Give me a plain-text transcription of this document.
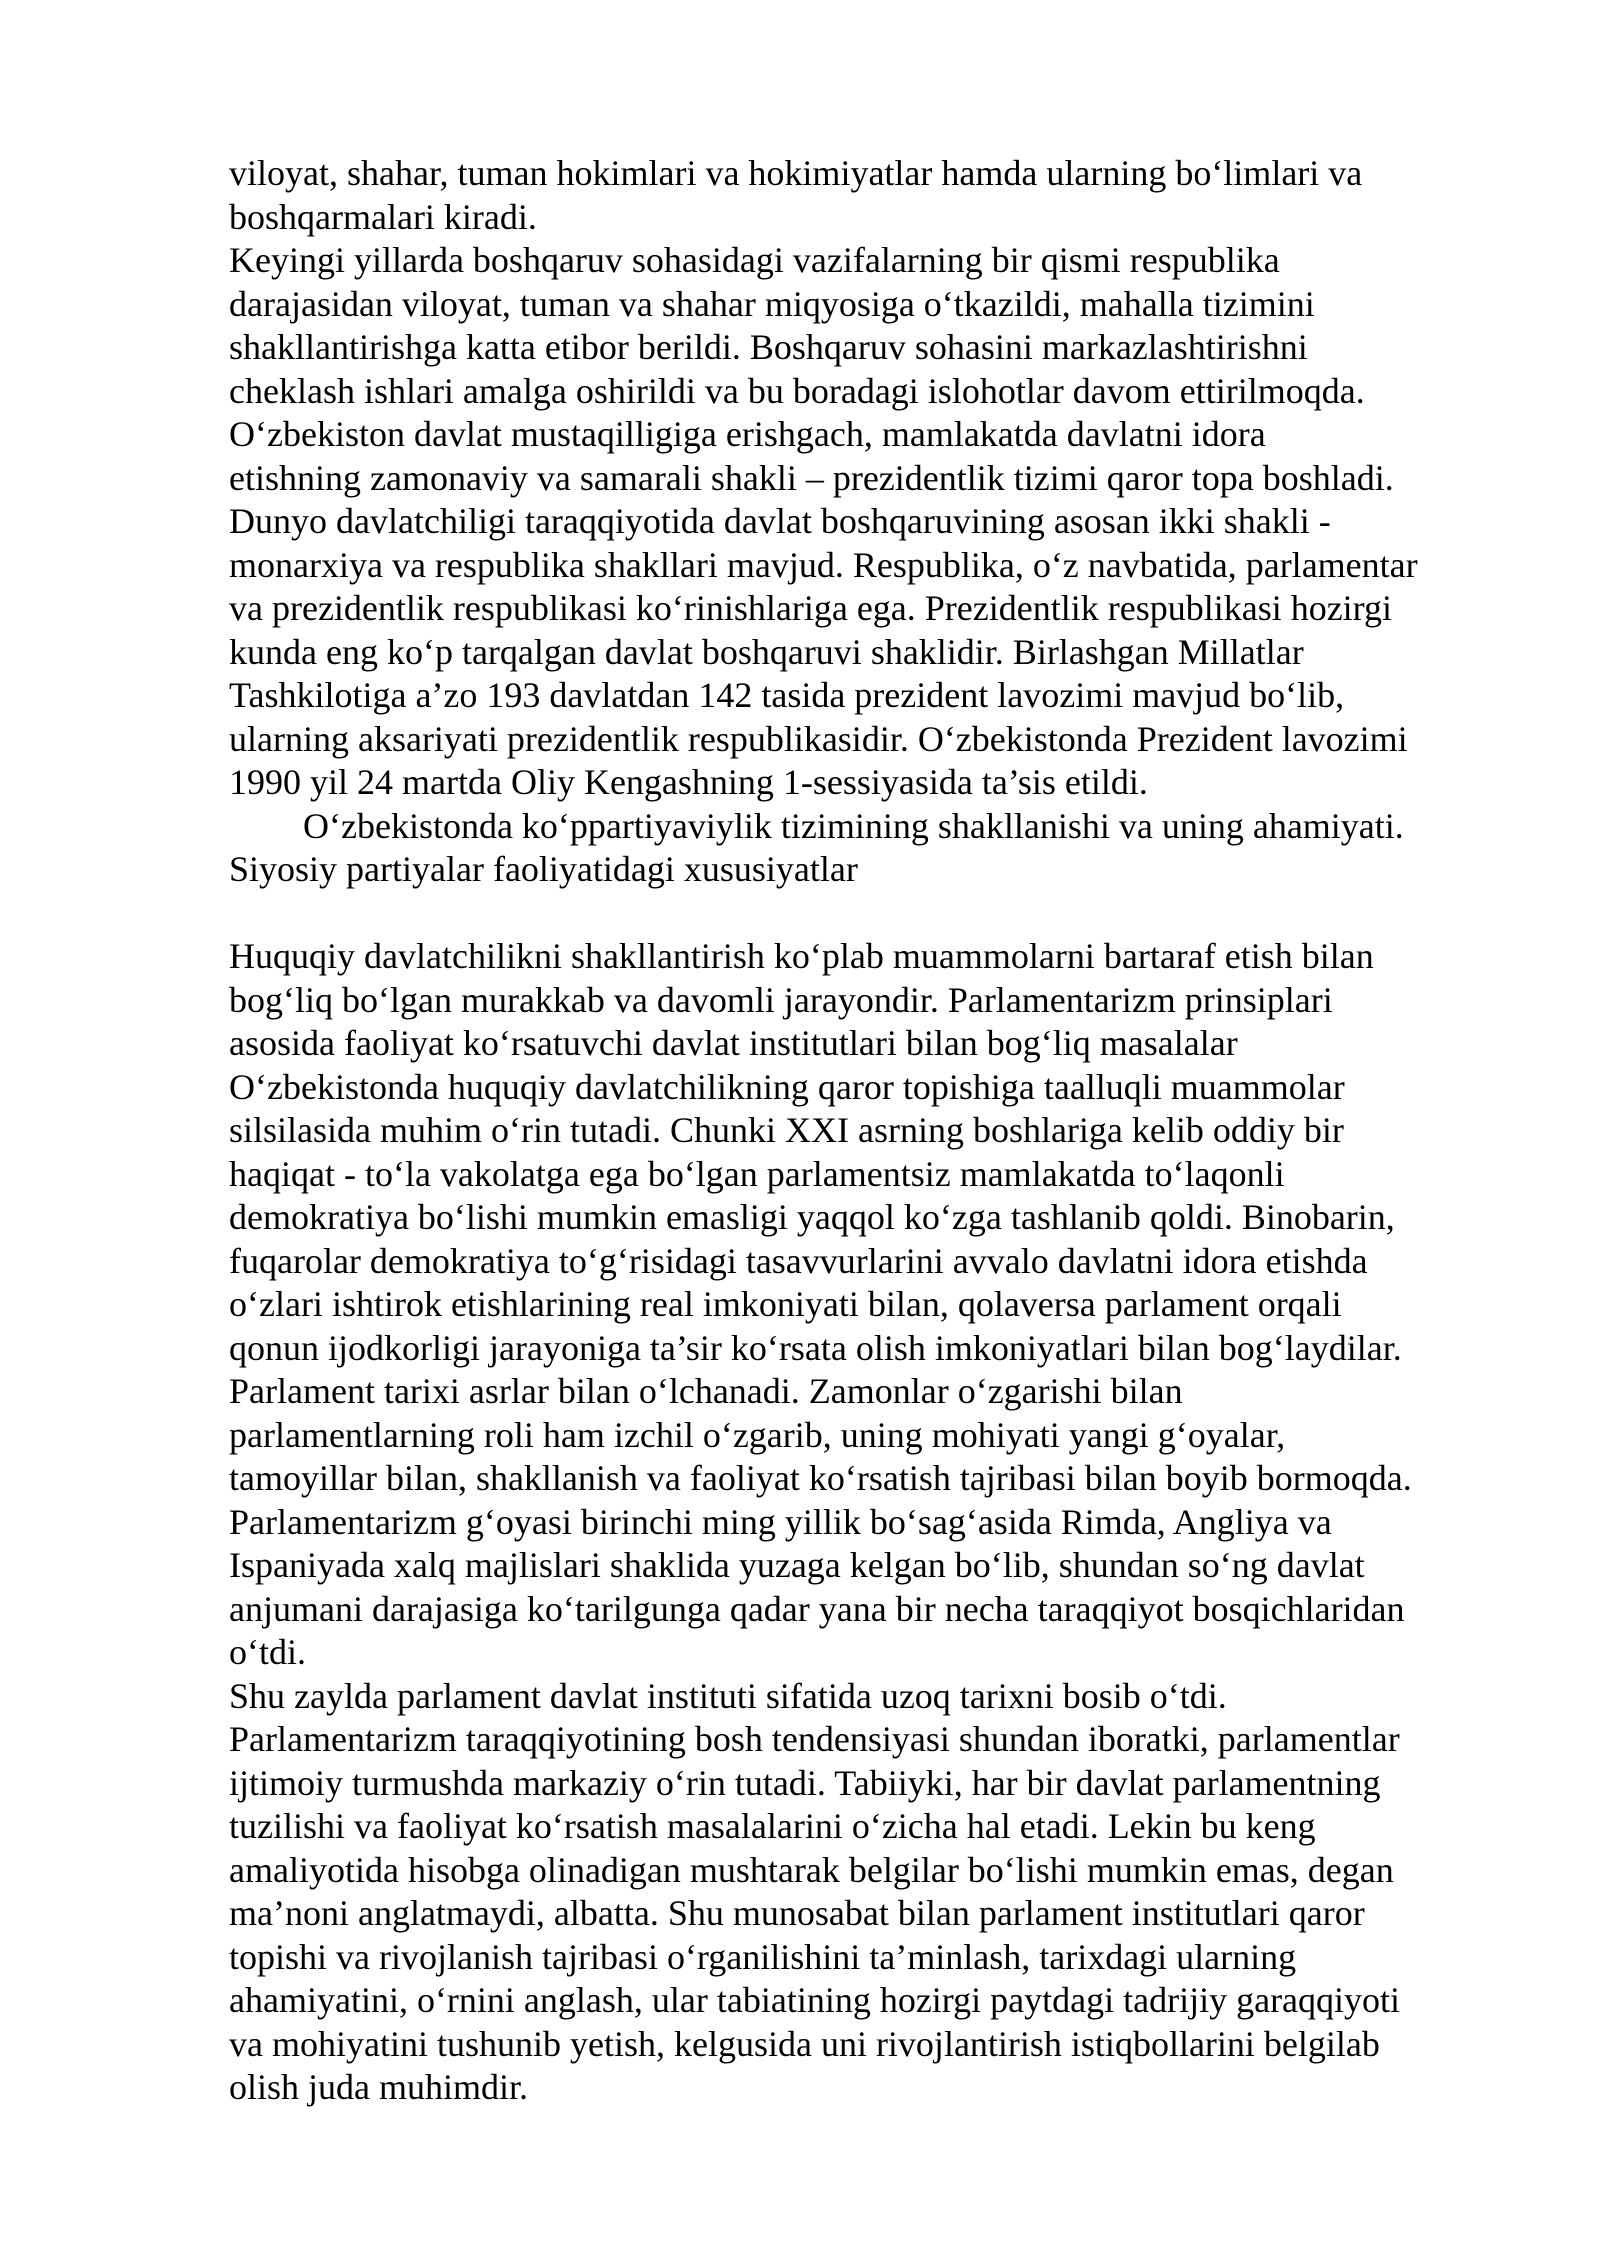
viloyat, shahar, tuman hokimlari va hokimiyatlar hamda ularning bo‘limlari va
boshqarmalari kiradi.
Keyingi yillarda boshqaruv sohasidagi vazifalarning bir qismi respublika
darajasidan viloyat, tuman va shahar miqyosiga o‘tkazildi, mahalla tizimini
shakllantirishga katta etibor berildi. Boshqaruv sohasini markazlashtirishni
cheklash ishlari amalga oshirildi va bu boradagi islohotlar davom ettirilmoqda.
O‘zbekiston davlat mustaqilligiga erishgach, mamlakatda davlatni idora
etishning zamonaviy va samarali shakli – prezidentlik tizimi qaror topa boshladi.
Dunyo davlatchiligi taraqqiyotida davlat boshqaruvining asosan ikki shakli -
monarxiya va respublika shakllari mavjud. Respublika, o‘z navbatida, parlamentar
va prezidentlik respublikasi ko‘rinishlariga ega. Prezidentlik respublikasi hozirgi
kunda eng ko‘p tarqalgan davlat boshqaruvi shaklidir. Birlashgan Millatlar
Tashkilotiga a’zo 193 davlatdan 142 tasida prezident lavozimi mavjud bo‘lib,
ularning aksariyati prezidentlik respublikasidir. O‘zbekistonda Prezident lavozimi
1990 yil 24 martda Oliy Kengashning 1-sessiyasida ta’sis etildi.
O‘zbekistonda ko‘ppartiyaviylik tizimining shakllanishi va uning ahamiyati.
Siyosiy partiyalar faoliyatidagi xususiyatlar
Huquqiy davlatchilikni shakllantirish ko‘plab muammolarni bartaraf etish bilan
bog‘liq bo‘lgan murakkab va davomli jarayondir. Parlamentarizm prinsiplari
asosida faoliyat ko‘rsatuvchi davlat institutlari bilan bog‘liq masalalar
O‘zbekistonda huquqiy davlatchilikning qaror topishiga taalluqli muammolar
silsilasida muhim o‘rin tutadi. Chunki XXI asrning boshlariga kelib oddiy bir
haqiqat - to‘la vakolatga ega bo‘lgan parlamentsiz mamlakatda to‘laqonli
demokratiya bo‘lishi mumkin emasligi yaqqol ko‘zga tashlanib qoldi. Binobarin,
fuqarolar demokratiya to‘g‘risidagi tasavvurlarini avvalo davlatni idora etishda
o‘zlari ishtirok etishlarining real imkoniyati bilan, qolaversa parlament orqali
qonun ijodkorligi jarayoniga ta’sir ko‘rsata olish imkoniyatlari bilan bog‘laydilar.
Parlament tarixi asrlar bilan o‘lchanadi. Zamonlar o‘zgarishi bilan
parlamentlarning roli ham izchil o‘zgarib, uning mohiyati yangi g‘oyalar,
tamoyillar bilan, shakllanish va faoliyat ko‘rsatish tajribasi bilan boyib bormoqda.
Parlamentarizm g‘oyasi birinchi ming yillik bo‘sag‘asida Rimda, Angliya va
Ispaniyada xalq majlislari shaklida yuzaga kelgan bo‘lib, shundan so‘ng davlat
anjumani darajasiga ko‘tarilgunga qadar yana bir necha taraqqiyot bosqichlaridan
o‘tdi.
Shu zaylda parlament davlat instituti sifatida uzoq tarixni bosib o‘tdi.
Parlamentarizm taraqqiyotining bosh tendensiyasi shundan iboratki, parlamentlar
ijtimoiy turmushda markaziy o‘rin tutadi. Tabiiyki, har bir davlat parlamentning
tuzilishi va faoliyat ko‘rsatish masalalarini o‘zicha hal etadi. Lekin bu keng
amaliyotida hisobga olinadigan mushtarak belgilar bo‘lishi mumkin emas, degan
ma’noni anglatmaydi, albatta. Shu munosabat bilan parlament institutlari qaror
topishi va rivojlanish tajribasi o‘rganilishini ta’minlash, tarixdagi ularning
ahamiyatini, o‘rnini anglash, ular tabiatining hozirgi paytdagi tadrijiy garaqqiyoti
va mohiyatini tushunib yetish, kelgusida uni rivojlantirish istiqbollarini belgilab
olish juda muhimdir.
